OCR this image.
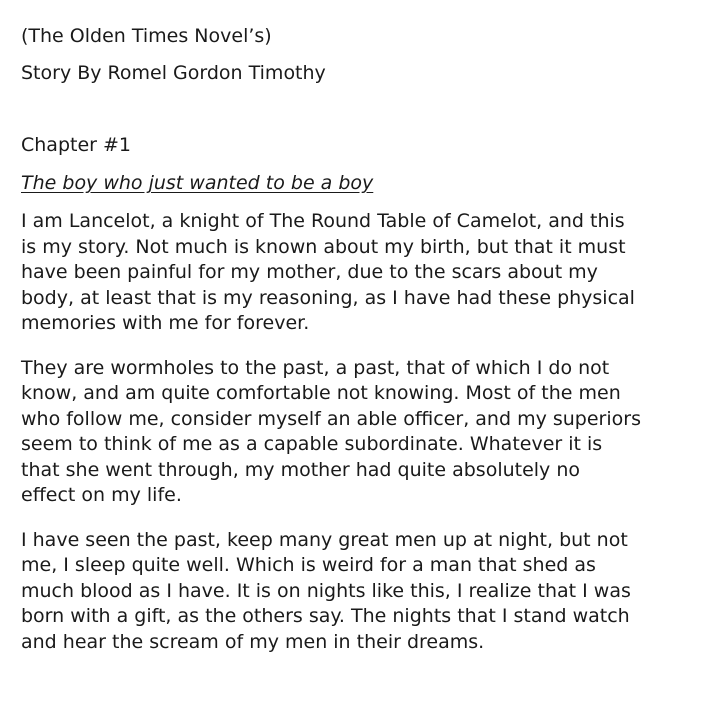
(The Olden Times Novel’s)

Story By Romel Gordon Timothy

Chapter #1

The boy who just wanted to be a boy

I am Lancelot, a knight of The Round Table of Camelot, and this
is my story. Not much is known about my birth, but that it must
have been painful for my mother, due to the scars about my
body, at least that is my reasoning, as I have had these physical
memories with me for forever.

They are wormholes to the past, a past, that of which I do not
know, and am quite comfortable not knowing. Most of the men
who follow me, consider myself an able officer, and my superiors
seem to think of me as a capable subordinate. Whatever it is
that she went through, my mother had quite absolutely no
effect on my life.

I have seen the past, keep many great men up at night, but not
me, I sleep quite well. Which is weird for a man that shed as
much blood as I have. It is on nights like this, I realize that I was
born with a gift, as the others say. The nights that I stand watch
and hear the scream of my men in their dreams.
